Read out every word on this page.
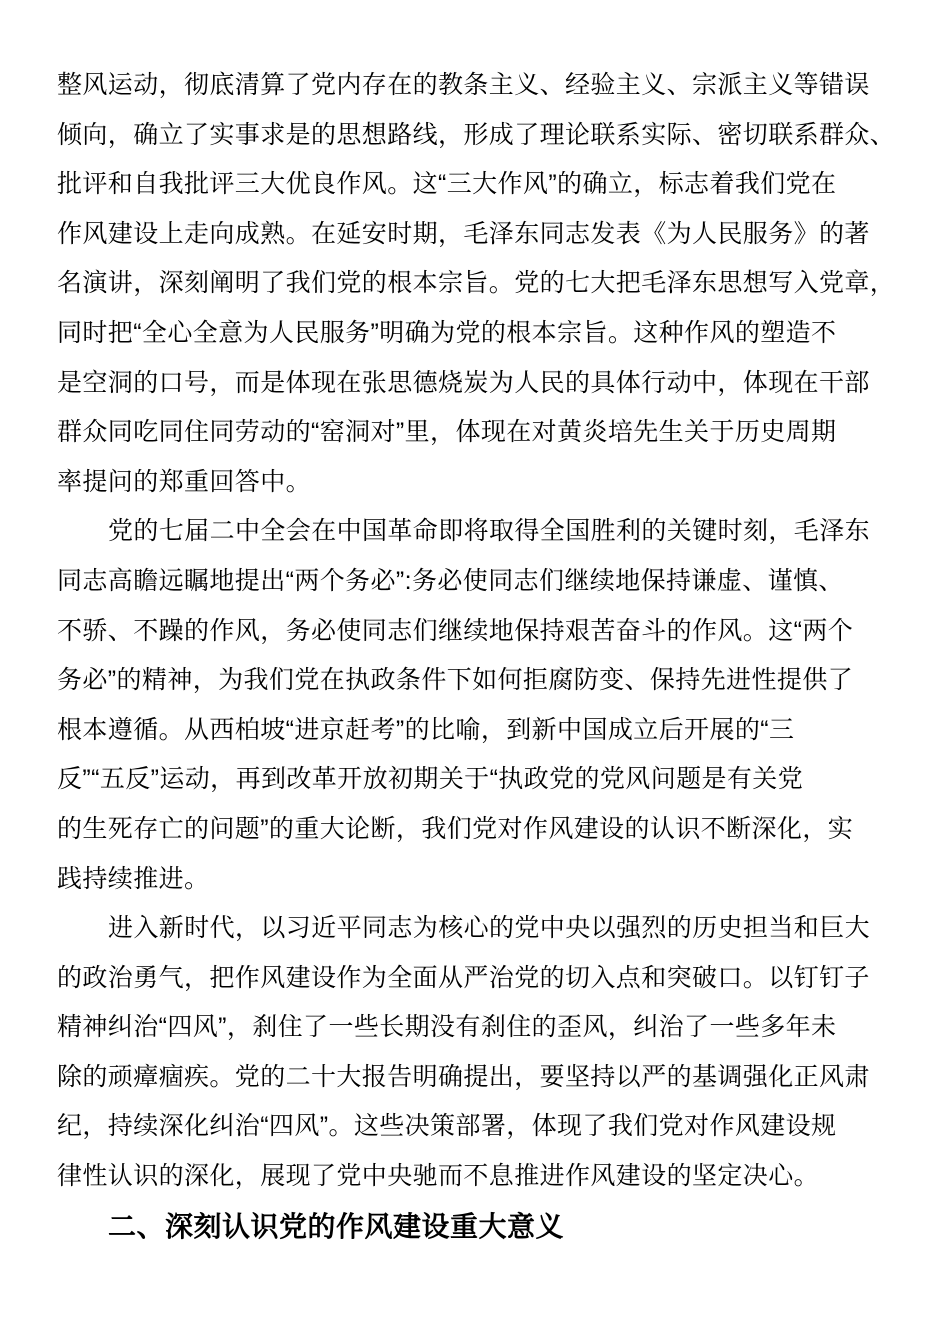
整风运动，彻底清算了党内存在的教条主义、经验主义、宗派主义等错误
倾向，确立了实事求是的思想路线，形成了理论联系实际、密切联系群众、
批评和自我批评三大优良作风。这“三大作风”的确立，标志着我们党在
作风建设上走向成熟。在延安时期，毛泽东同志发表《为人民服务》的著
名演讲，深刻阐明了我们党的根本宗旨。党的七大把毛泽东思想写入党章，
同时把“全心全意为人民服务”明确为党的根本宗旨。这种作风的塑造不
是空洞的口号，而是体现在张思德烧炭为人民的具体行动中，体现在干部
群众同吃同住同劳动的“窑洞对”里，体现在对黄炎培先生关于历史周期
率提问的郑重回答中。
党的七届二中全会在中国革命即将取得全国胜利的关键时刻，毛泽东
同志高瞻远瞩地提出“两个务必”:务必使同志们继续地保持谦虚、谨慎、
不骄、不躁的作风，务必使同志们继续地保持艰苦奋斗的作风。这“两个
务必”的精神，为我们党在执政条件下如何拒腐防变、保持先进性提供了
根本遵循。从西柏坡“进京赶考”的比喻，到新中国成立后开展的“三
反”“五反”运动，再到改革开放初期关于“执政党的党风问题是有关党
的生死存亡的问题”的重大论断，我们党对作风建设的认识不断深化，实
践持续推进。
进入新时代，以习近平同志为核心的党中央以强烈的历史担当和巨大
的政治勇气，把作风建设作为全面从严治党的切入点和突破口。以钉钉子
精神纠治“四风”，刹住了一些长期没有刹住的歪风，纠治了一些多年未
除的顽瘴痼疾。党的二十大报告明确提出，要坚持以严的基调强化正风肃
纪，持续深化纠治“四风”。这些决策部署，体现了我们党对作风建设规
律性认识的深化，展现了党中央驰而不息推进作风建设的坚定决心。
二、深刻认识党的作风建设重大意义
